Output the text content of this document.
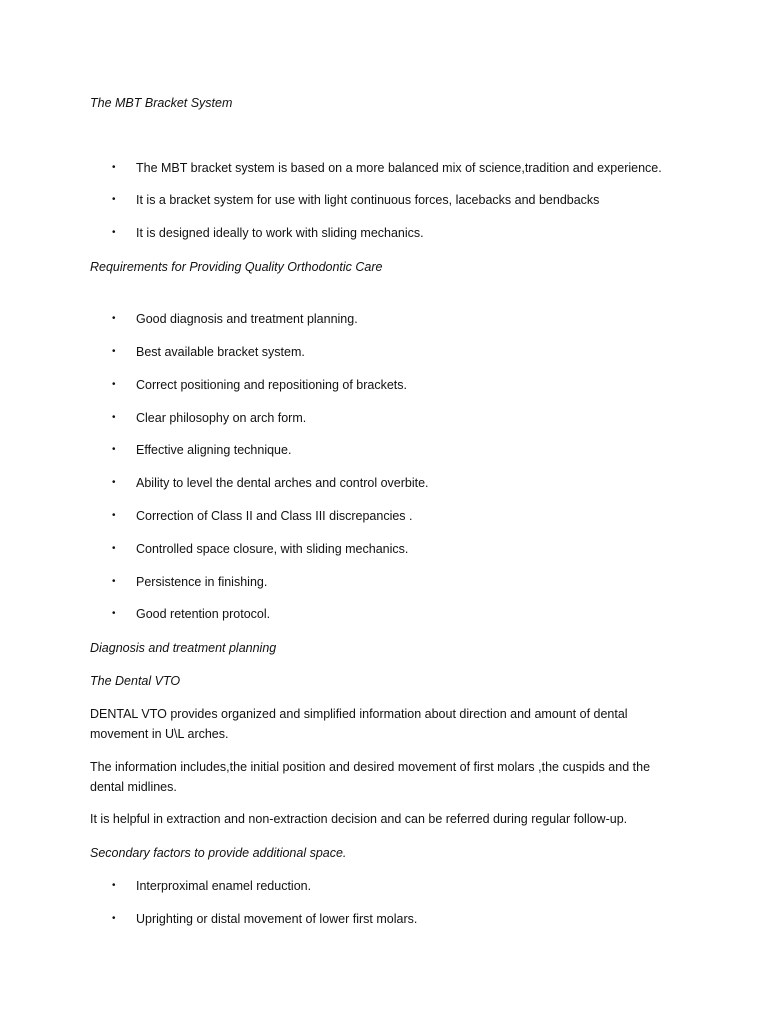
The MBT Bracket System
• The MBT bracket system is based on a more balanced mix of science,tradition and experience.
• It is a bracket system for use with light continuous forces, lacebacks and bendbacks
• It is designed ideally to work with sliding mechanics.
Requirements for Providing Quality Orthodontic Care
• Good diagnosis and treatment planning.
• Best available bracket system.
• Correct positioning and repositioning of brackets.
• Clear philosophy on arch form.
• Effective aligning technique.
• Ability to level the dental arches and control overbite.
• Correction of Class II and Class III discrepancies .
• Controlled space closure, with sliding mechanics.
• Persistence in finishing.
• Good retention protocol.
Diagnosis and treatment planning
The Dental VTO
DENTAL VTO provides organized and simplified information about direction and amount of dental movement in U\L arches.
The information includes,the initial position and desired movement of first molars ,the cuspids and the dental midlines.
It is helpful in extraction and non-extraction decision and can be referred during regular follow-up.
Secondary factors to provide additional space.
• Interproximal enamel reduction.
• Uprighting or distal movement of lower first molars.
